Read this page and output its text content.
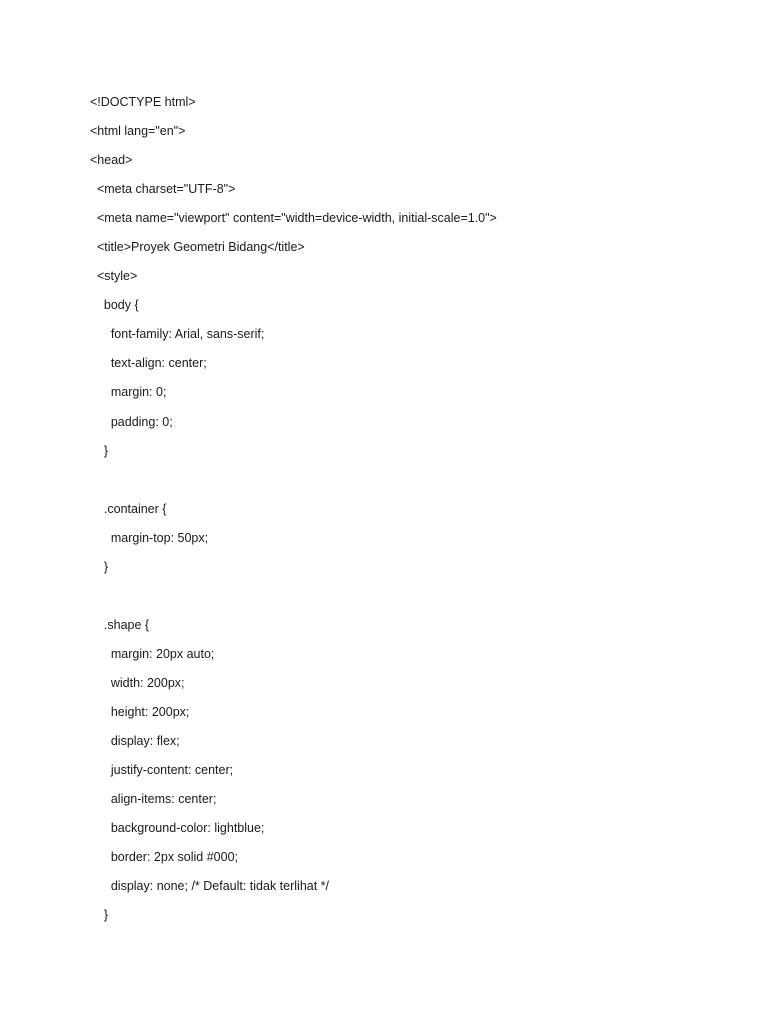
<!DOCTYPE html>
<html lang="en">
<head>
<meta charset="UTF-8">
<meta name="viewport" content="width=device-width, initial-scale=1.0">
<title>Proyek Geometri Bidang</title>
<style>
body {
font-family: Arial, sans-serif;
text-align: center;
margin: 0;
padding: 0;
}
.container {
margin-top: 50px;
}
.shape {
margin: 20px auto;
width: 200px;
height: 200px;
display: flex;
justify-content: center;
align-items: center;
background-color: lightblue;
border: 2px solid #000;
display: none; /* Default: tidak terlihat */
}
